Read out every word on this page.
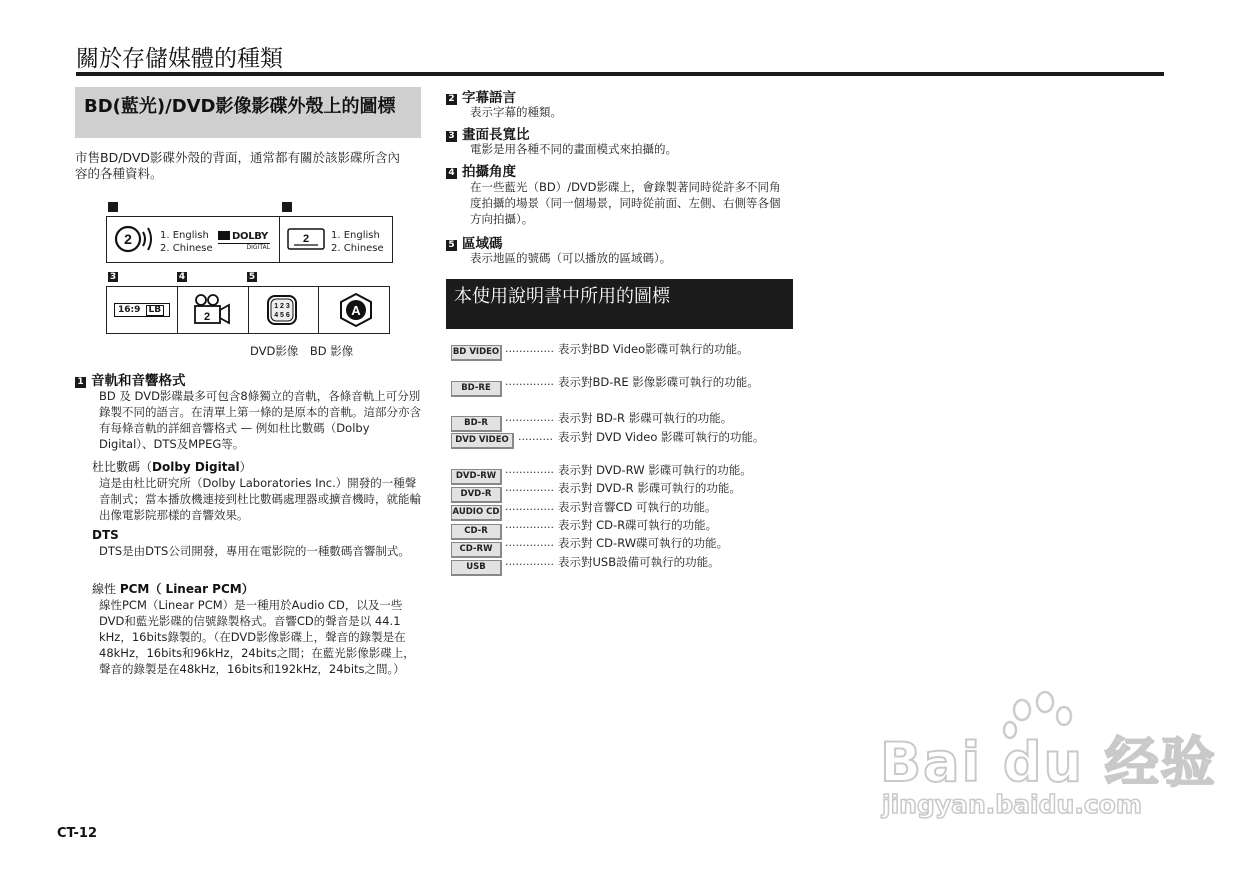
關於存儲媒體的種類
BD(藍光)/DVD影像影碟外殼上的圖標
市售BD/DVD影碟外殼的背面，通常都有關於該影碟所含內容的各種資料。
2	1. English
2. Chinese
DOLBY
DIGITAL
2 1. English
2. Chinese
3	4	5
16:9 LB
2
1 2 3
4 5 6	A
DVD影像　BD 影像
1 音軌和音響格式
BD 及 DVD影碟最多可包含8條獨立的音軌，各條音軌上可分別錄製不同的語言。在清單上第一條的是原本的音軌。這部分亦含有每條音軌的詳細音響格式 — 例如杜比數碼（Dolby Digital）、DTS及MPEG等。
杜比數碼（Dolby Digital）
這是由杜比研究所（Dolby Laboratories Inc.）開發的一種聲音制式；當本播放機連接到杜比數碼處理器或擴音機時，就能輸出像電影院那樣的音響效果。
DTS
DTS是由DTS公司開發，專用在電影院的一種數碼音響制式。
線性 PCM（ Linear PCM）
線性PCM（Linear PCM）是一種用於Audio CD，以及一些DVD和藍光影碟的信號錄製格式。音響CD的聲音是以 44.1 kHz，16bits錄製的。（在DVD影像影碟上，聲音的錄製是在48kHz，16bits和96kHz，24bits之間；在藍光影像影碟上，聲音的錄製是在48kHz，16bits和192kHz，24bits之間。）
2 字幕語言
表示字幕的種類。
3 畫面長寬比
電影是用各種不同的畫面模式來拍攝的。
4 拍攝角度
在一些藍光（BD）/DVD影碟上，會錄製著同時從許多不同角度拍攝的場景（同一個場景，同時從前面、左側、右側等各個方向拍攝）。
5 區域碼
表示地區的號碼（可以播放的區域碼）。
本使用說明書中所用的圖標
BD VIDEO .............. 表示對BD Video影碟可執行的功能。
BD-RE	.............. 表示對BD-RE 影像影碟可執行的功能。
BD-R	.............. 表示對 BD-R 影碟可執行的功能。
DVD VIDEO .......... 表示對 DVD Video 影碟可執行的功能。
DVD-RW .............. 表示對 DVD-RW 影碟可執行的功能。
DVD-R	.............. 表示對 DVD-R 影碟可執行的功能。
AUDIO CD .............. 表示對音響CD 可執行的功能。
CD-R	.............. 表示對 CD-R碟可執行的功能。
CD-RW	.............. 表示對 CD-RW碟可執行的功能。
USB	.............. 表示對USB設備可執行的功能。
Bai du 经验
jingyan.baidu.com
CT-12
